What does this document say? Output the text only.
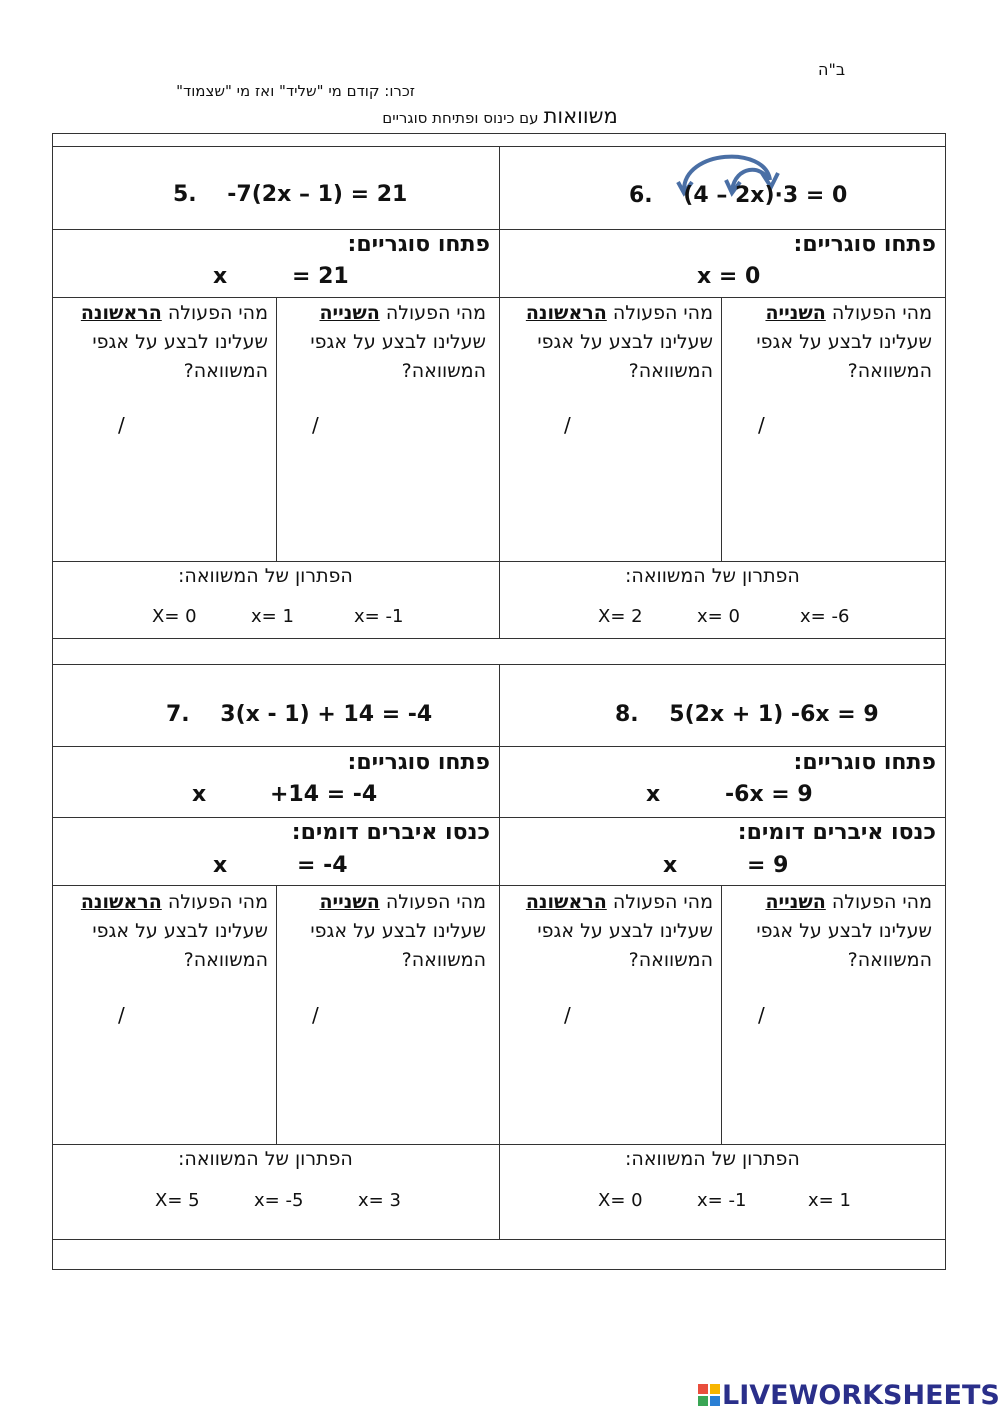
ב"ה
זכרו: קודם מי "שליד" ואז מי "שצמוד"
משוואות עם כינוס ופתיחת סוגריים
5.    -7(2x – 1) = 21
פתחו סוגריים:
x	= 21
6.    (4 – 2x)·3 = 0
פתחו סוגריים:
x = 0
מהי הפעולה הראשונה
שעלינו לבצע על אגפי
המשוואה?
מהי הפעולה השנייה
שעלינו לבצע על אגפי
המשוואה?
מהי הפעולה הראשונה
שעלינו לבצע על אגפי
המשוואה?
מהי הפעולה השנייה
שעלינו לבצע על אגפי
המשוואה?
/	/	/	/
הפתרון של המשוואה:	הפתרון של המשוואה:
X= 0	x= 1	x= -1	X= 2	x= 0	x= -6
7.    3(x - 1) + 14 = -4
פתחו סוגריים:
x	+14 = -4
כנסו איברים דומים:
x	= -4
8.    5(2x + 1) -6x = 9
פתחו סוגריים:
x	-6x = 9
כנסו איברים דומים:
x	= 9
מהי הפעולה הראשונה
שעלינו לבצע על אגפי
המשוואה?
מהי הפעולה השנייה
שעלינו לבצע על אגפי
המשוואה?
מהי הפעולה הראשונה
שעלינו לבצע על אגפי
המשוואה?
מהי הפעולה השנייה
שעלינו לבצע על אגפי
המשוואה?
/	/	/	/
הפתרון של המשוואה:	הפתרון של המשוואה:
X= 5	x= -5	x= 3	X= 0	x= -1	x= 1
LIVEWORKSHEETS
